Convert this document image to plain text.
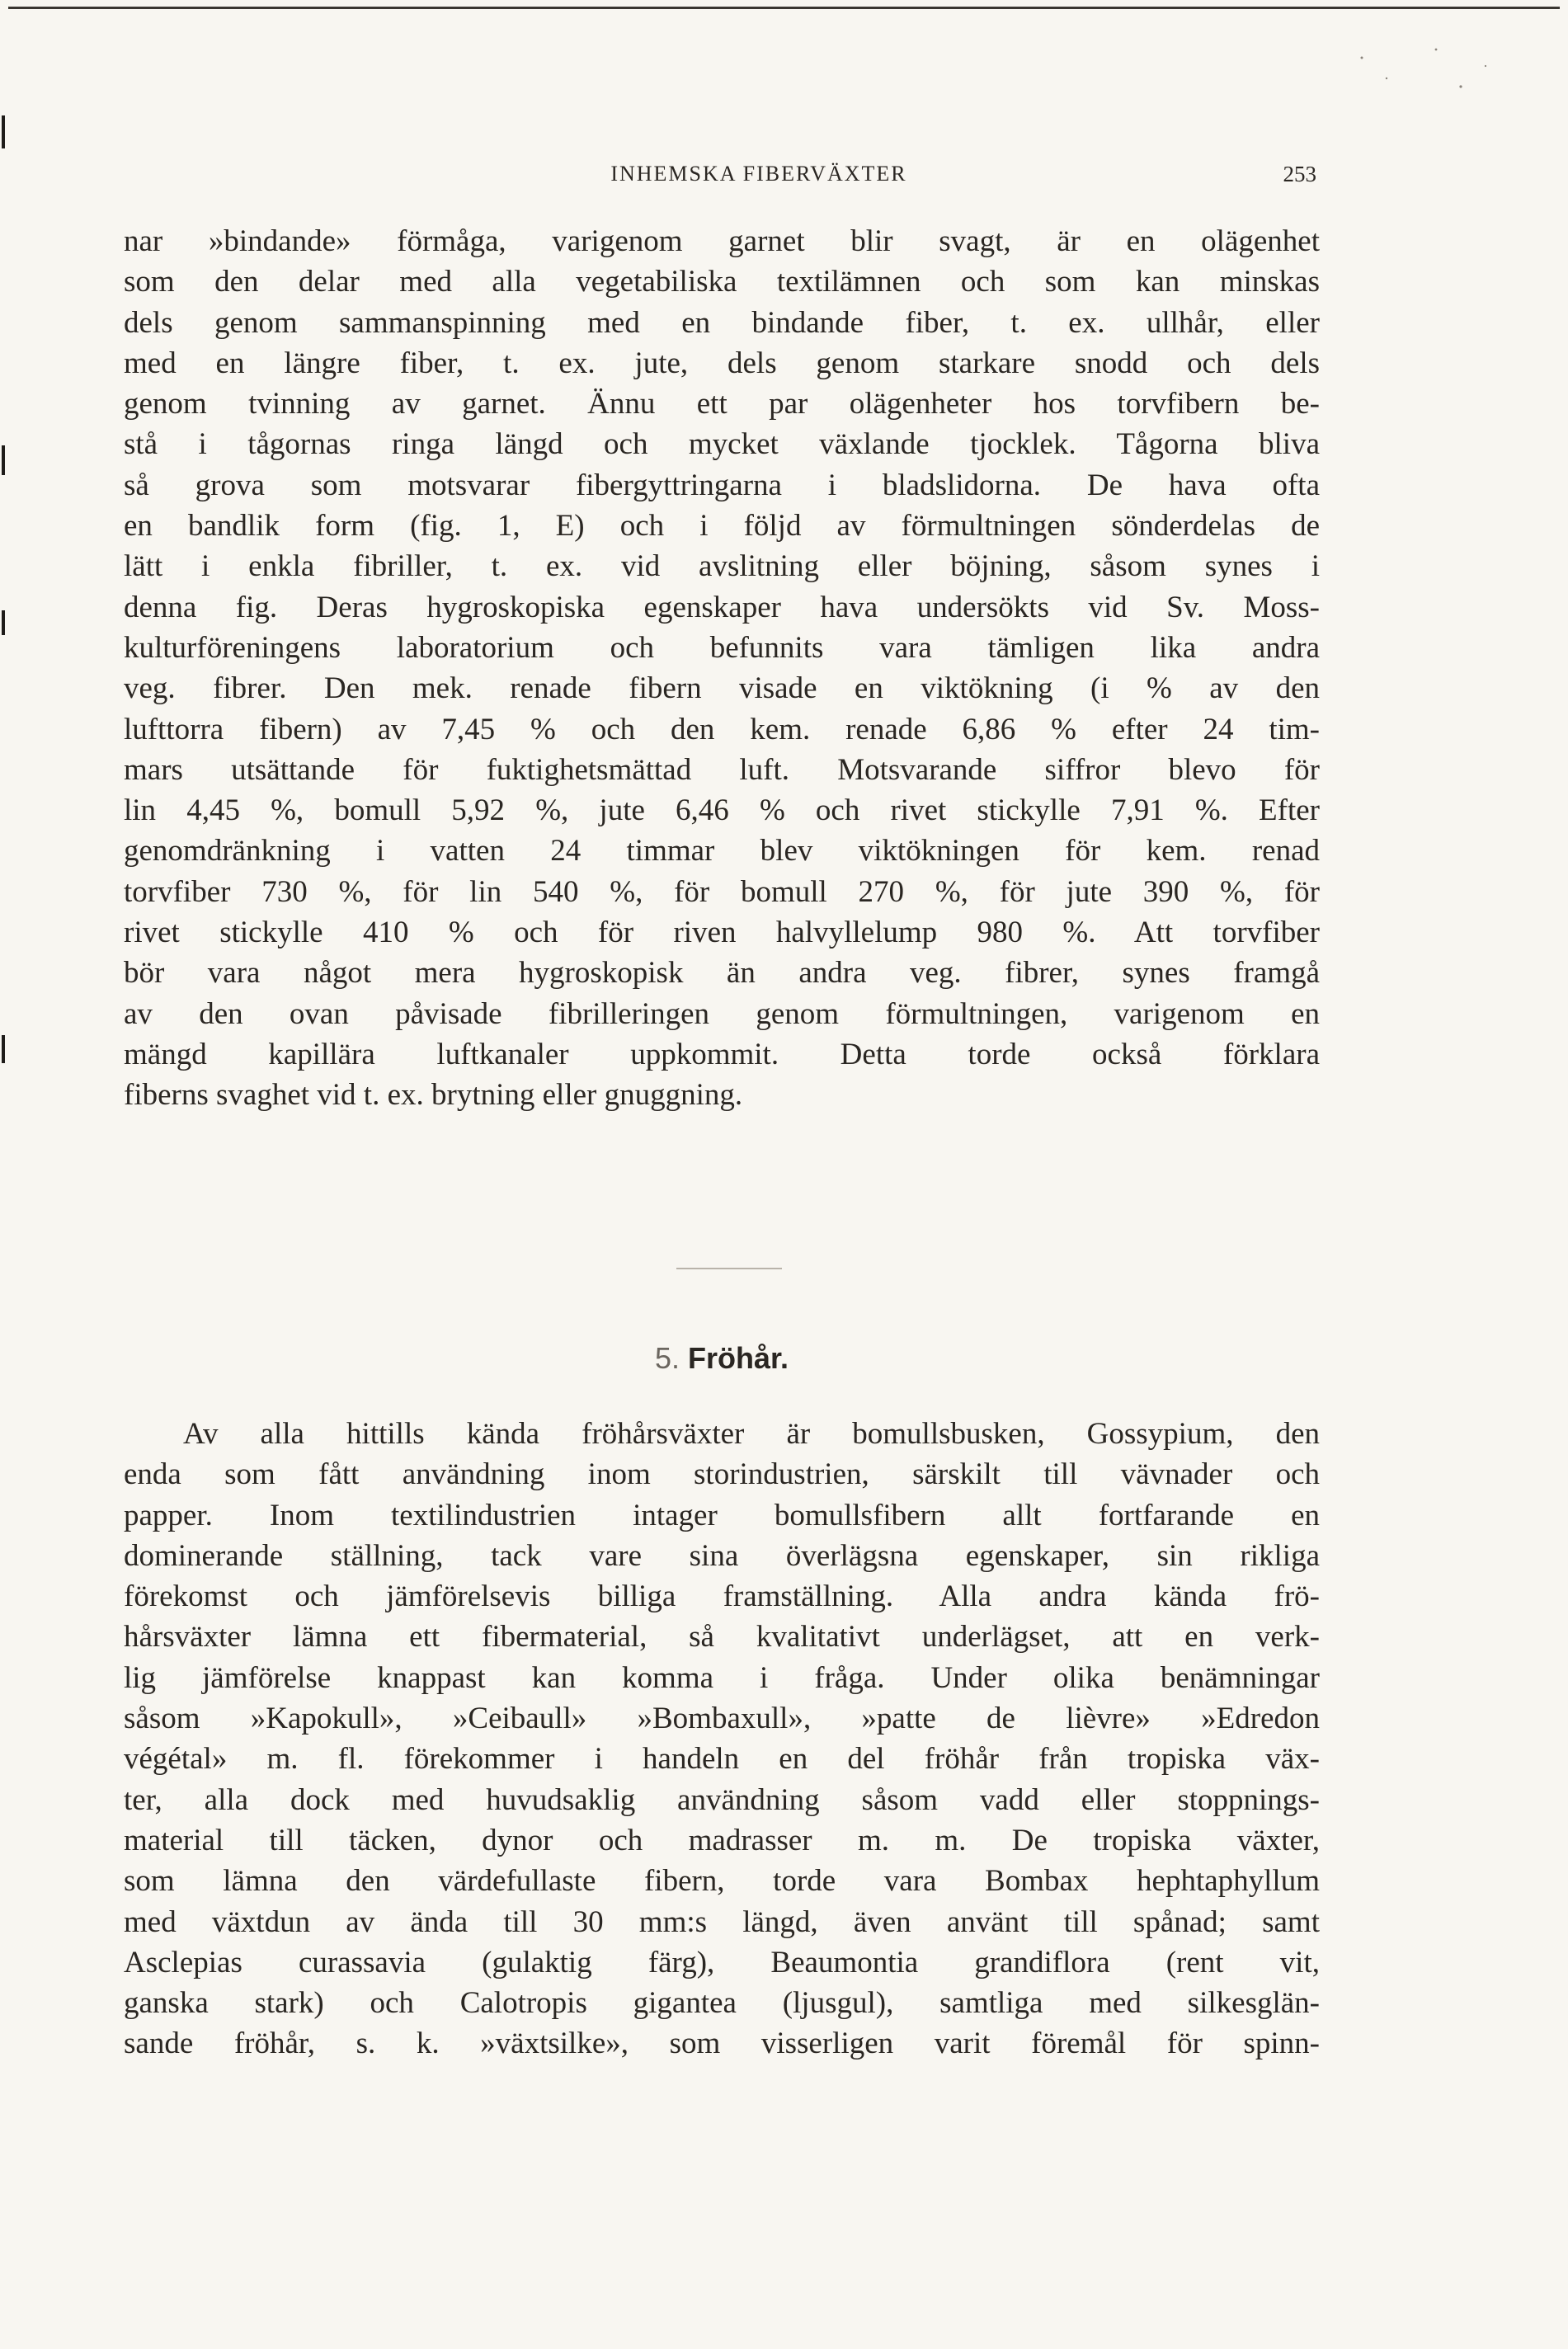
INHEMSKA FIBERVÄXTER	253
nar »bindande» förmåga, varigenom garnet blir svagt, är en olägenhet
som den delar med alla vegetabiliska textilämnen och som kan minskas
dels genom sammanspinning med en bindande fiber, t. ex. ullhår, eller
med en längre fiber, t. ex. jute, dels genom starkare snodd och dels
genom tvinning av garnet. Ännu ett par olägenheter hos torvfibern be-
stå i tågornas ringa längd och mycket växlande tjocklek. Tågorna bliva
så grova som motsvarar fibergyttringarna i bladslidorna. De hava ofta
en bandlik form (fig. 1, E) och i följd av förmultningen sönderdelas de
lätt i enkla fibriller, t. ex. vid avslitning eller böjning, såsom synes i
denna fig. Deras hygroskopiska egenskaper hava undersökts vid Sv. Moss-
kulturföreningens laboratorium och befunnits vara tämligen lika andra
veg. fibrer. Den mek. renade fibern visade en viktökning (i % av den
lufttorra fibern) av 7,45 % och den kem. renade 6,86 % efter 24 tim-
mars utsättande för fuktighetsmättad luft. Motsvarande siffror blevo för
lin 4,45 %, bomull 5,92 %, jute 6,46 % och rivet stickylle 7,91 %. Efter
genomdränkning i vatten 24 timmar blev viktökningen för kem. renad
torvfiber 730 %, för lin 540 %, för bomull 270 %, för jute 390 %, för
rivet stickylle 410 % och för riven halvyllelump 980 %. Att torvfiber
bör vara något mera hygroskopisk än andra veg. fibrer, synes framgå
av den ovan påvisade fibrilleringen genom förmultningen, varigenom en
mängd kapillära luftkanaler uppkommit. Detta torde också förklara
fiberns svaghet vid t. ex. brytning eller gnuggning.
5. Fröhår.
Av alla hittills kända fröhårsväxter är bomullsbusken, Gossypium, den
enda som fått användning inom storindustrien, särskilt till vävnader och
papper. Inom textilindustrien intager bomullsfibern allt fortfarande en
dominerande ställning, tack vare sina överlägsna egenskaper, sin rikliga
förekomst och jämförelsevis billiga framställning. Alla andra kända frö-
hårsväxter lämna ett fibermaterial, så kvalitativt underlägset, att en verk-
lig jämförelse knappast kan komma i fråga. Under olika benämningar
såsom »Kapokull», »Ceibaull» »Bombaxull», »patte de lièvre» »Edredon
végétal» m. fl. förekommer i handeln en del fröhår från tropiska väx-
ter, alla dock med huvudsaklig användning såsom vadd eller stoppnings-
material till täcken, dynor och madrasser m. m. De tropiska växter,
som lämna den värdefullaste fibern, torde vara Bombax hephtaphyllum
med växtdun av ända till 30 mm:s längd, även använt till spånad; samt
Asclepias curassavia (gulaktig färg), Beaumontia grandiflora (rent vit,
ganska stark) och Calotropis gigantea (ljusgul), samtliga med silkesglän-
sande fröhår, s. k. »växtsilke», som visserligen varit föremål för spinn-
